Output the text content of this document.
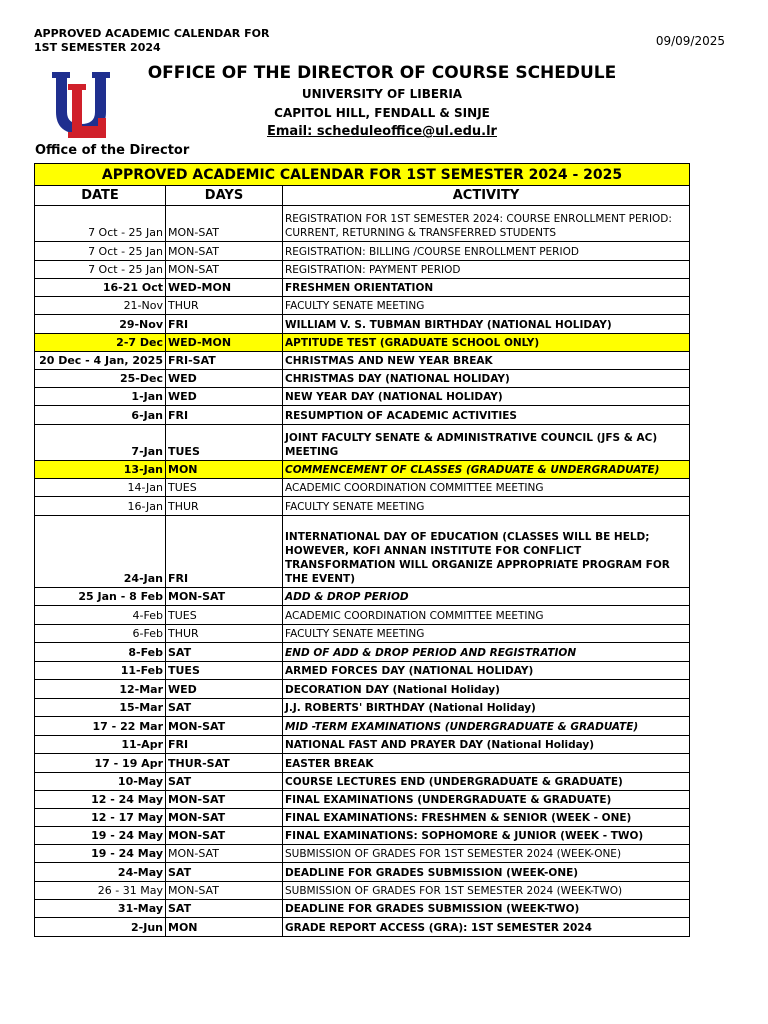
APPROVED ACADEMIC CALENDAR FOR
1ST SEMESTER 2024	09/09/2025
OFFICE OF THE DIRECTOR OF COURSE SCHEDULE
UNIVERSITY OF LIBERIA
CAPITOL HILL, FENDALL & SINJE
Email: scheduleoffice@ul.edu.lr
Office of the Director
APPROVED ACADEMIC CALENDAR FOR 1ST SEMESTER 2024 - 2025		
DATE	DAYS	ACTIVITY
7 Oct - 25 Jan	MON-SAT	REGISTRATION FOR 1ST SEMESTER 2024: COURSE ENROLLMENT PERIOD: CURRENT, RETURNING & TRANSFERRED STUDENTS
7 Oct - 25 Jan	MON-SAT	REGISTRATION: BILLING /COURSE ENROLLMENT PERIOD
7 Oct - 25 Jan	MON-SAT	REGISTRATION: PAYMENT PERIOD
16-21 Oct	WED-MON	FRESHMEN ORIENTATION
21-Nov	THUR	FACULTY SENATE MEETING
29-Nov	FRI	WILLIAM V. S. TUBMAN BIRTHDAY (NATIONAL HOLIDAY)
2-7 Dec	WED-MON	APTITUDE TEST (GRADUATE SCHOOL ONLY)
20 Dec - 4 Jan, 2025	FRI-SAT	CHRISTMAS AND NEW YEAR BREAK
25-Dec	WED	CHRISTMAS DAY (NATIONAL HOLIDAY)
1-Jan	WED	NEW YEAR DAY (NATIONAL HOLIDAY)
6-Jan	FRI	RESUMPTION OF ACADEMIC ACTIVITIES
7-Jan	TUES	JOINT FACULTY SENATE & ADMINISTRATIVE COUNCIL (JFS & AC) MEETING
13-Jan	MON	COMMENCEMENT OF CLASSES (GRADUATE & UNDERGRADUATE)
14-Jan	TUES	ACADEMIC COORDINATION COMMITTEE MEETING
16-Jan	THUR	FACULTY SENATE MEETING
24-Jan	FRI	INTERNATIONAL DAY OF EDUCATION (CLASSES WILL BE HELD; HOWEVER, KOFI ANNAN INSTITUTE FOR CONFLICT TRANSFORMATION WILL ORGANIZE APPROPRIATE PROGRAM FOR THE EVENT)
25 Jan - 8 Feb	MON-SAT	ADD & DROP PERIOD
4-Feb	TUES	ACADEMIC COORDINATION COMMITTEE MEETING
6-Feb	THUR	FACULTY SENATE MEETING
8-Feb	SAT	END OF ADD & DROP PERIOD AND REGISTRATION
11-Feb	TUES	ARMED FORCES DAY (NATIONAL HOLIDAY)
12-Mar	WED	DECORATION DAY (National Holiday)
15-Mar	SAT	J.J. ROBERTS' BIRTHDAY (National Holiday)
17 - 22 Mar	MON-SAT	MID -TERM EXAMINATIONS (UNDERGRADUATE & GRADUATE)
11-Apr	FRI	NATIONAL FAST AND PRAYER DAY (National Holiday)
17 - 19 Apr	THUR-SAT	EASTER BREAK
10-May	SAT	COURSE LECTURES END (UNDERGRADUATE & GRADUATE)
12 - 24 May	MON-SAT	FINAL EXAMINATIONS (UNDERGRADUATE & GRADUATE)
12 - 17 May	MON-SAT	FINAL EXAMINATIONS: FRESHMEN & SENIOR (WEEK - ONE)
19 - 24 May	MON-SAT	FINAL EXAMINATIONS: SOPHOMORE & JUNIOR (WEEK - TWO)
19 - 24 May	MON-SAT	SUBMISSION OF GRADES FOR 1ST SEMESTER 2024 (WEEK-ONE)
24-May	SAT	DEADLINE FOR GRADES SUBMISSION (WEEK-ONE)
26 - 31 May	MON-SAT	SUBMISSION OF GRADES FOR 1ST SEMESTER 2024 (WEEK-TWO)
31-May	SAT	DEADLINE FOR GRADES SUBMISSION (WEEK-TWO)
2-Jun	MON	GRADE REPORT ACCESS (GRA): 1ST SEMESTER 2024
